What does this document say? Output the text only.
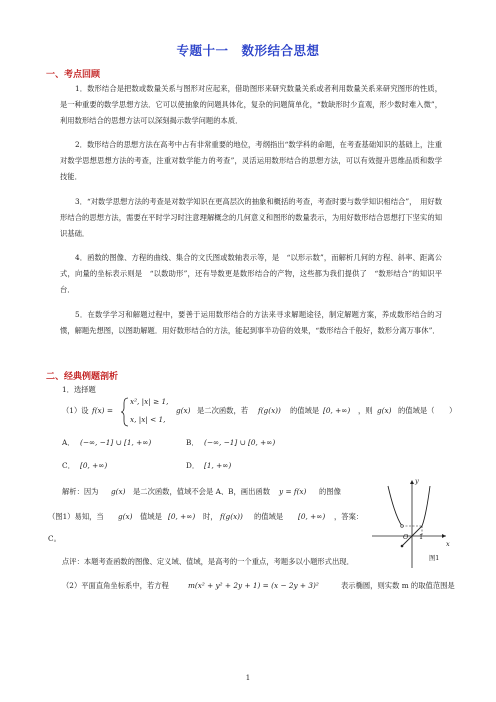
专题十一　数形结合思想
一、考点回顾
1．数形结合是把数或数量关系与图形对应起来，借助图形来研究数量关系或者利用数量关系来研究图形的性质，是一种重要的数学思想方法．它可以使抽象的问题具体化，复杂的问题简单化，“数缺形时少直观，形少数时难入微”，利用数形结合的思想方法可以深刻揭示数学问题的本质．
2．数形结合的思想方法在高考中占有非常重要的地位，考纲指出“数学科的命题，在考查基础知识的基础上，注重对数学思想思想方法的考查，注重对数学能力的考查”，灵活运用数形结合的思想方法，可以有效提升思维品质和数学技能．
3．“对数学思想方法的考查是对数学知识在更高层次的抽象和概括的考查，考查时要与数学知识相结合”，　用好数形结合的思想方法，需要在平时学习时注意理解概念的几何意义和图形的数量表示，为用好数形结合思想打下坚实的知识基础．
4．函数的图像、方程的曲线、集合的文氏图或数轴表示等，是　“以形示数”，而解析几何的方程、斜率、距离公式，向量的坐标表示则是　“以数助形”，还有导数更是数形结合的产物，这些都为我们提供了　“数形结合”的知识平台．
5．在数学学习和解题过程中，要善于运用数形结合的方法来寻求解题途径，制定解题方案，养成数形结合的习惯，解题先想图，以图助解题．用好数形结合的方法，能起到事半功倍的效果，“数形结合千般好，数形分离万事休”．
二、经典例题剖析
1．选择题
（1）设 f(x) =
x², |x| ≥ 1,
x, |x| < 1,
g(x) 是二次函数，若 f(g(x)) 的值域是 [0, +∞) ，则 g(x) 的值域是（　　）
A． (−∞, −1] ∪ [1, +∞)	B． (−∞, −1] ∪ [0, +∞)
C． [0, +∞)	D． [1, +∞)
解析：因为 g(x) 是二次函数，值域不会是 A、B，画出函数 y = f(x) 的图像
（图1）易知，当 g(x) 值域是 [0, +∞) 时， f(g(x)) 的值域是 [0, +∞) ，答案：
C。
点评：本题考查函数的图像、定义域、值域，是高考的一个重点，考题多以小题形式出现．
（2）平面直角坐标系中，若方程	m(x² + y² + 2y + 1) = (x − 2y + 3)²	表示椭圆，则实数 m 的取值范围是
y
x
O 1
图1
1
